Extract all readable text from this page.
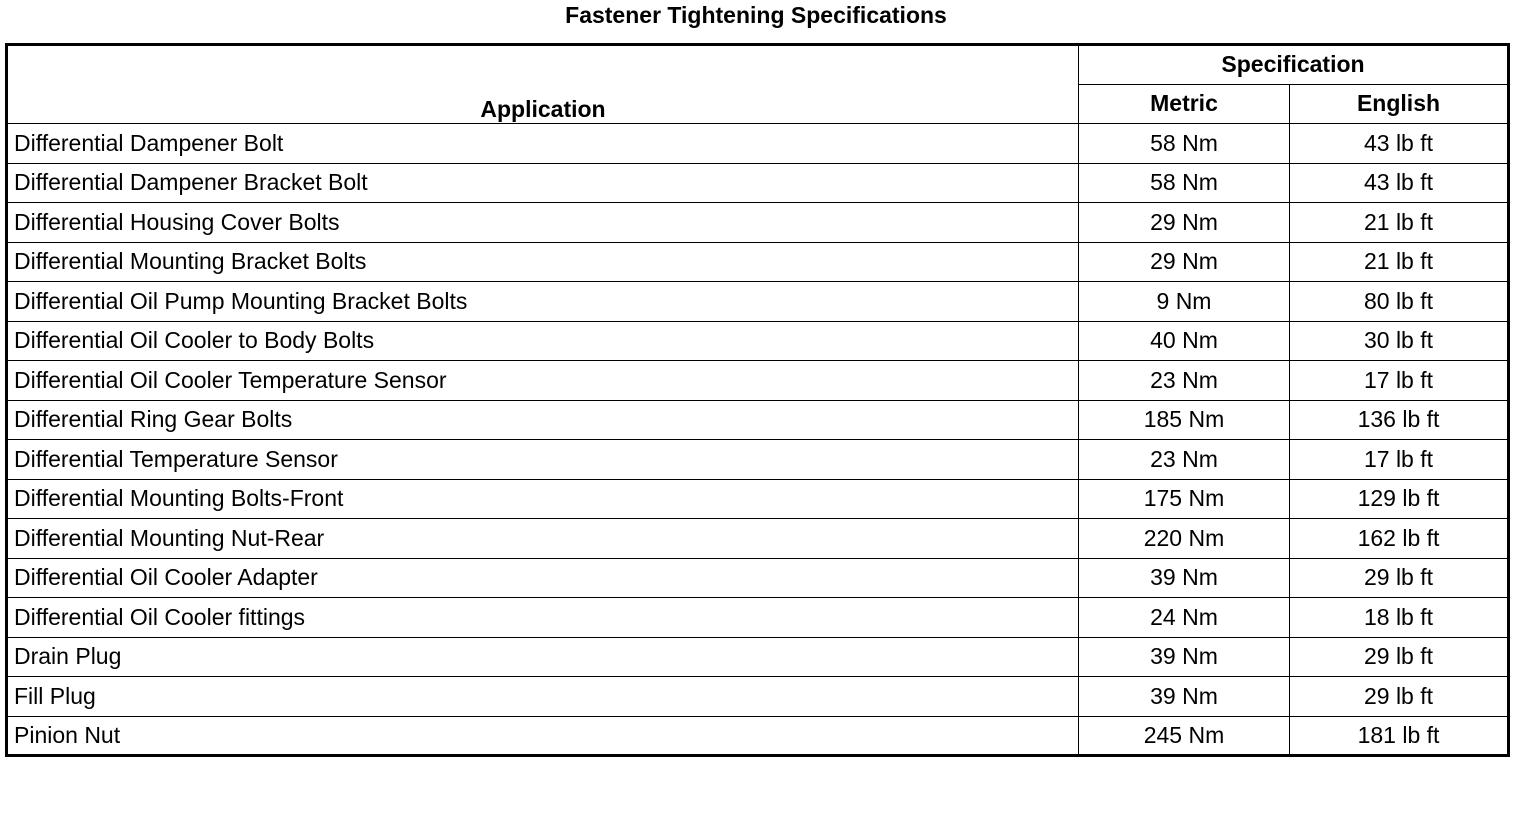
Fastener Tightening Specifications
Application	Specification	
	Metric	English
Differential Dampener Bolt	58 Nm	43 lb ft
Differential Dampener Bracket Bolt	58 Nm	43 lb ft
Differential Housing Cover Bolts	29 Nm	21 lb ft
Differential Mounting Bracket Bolts	29 Nm	21 lb ft
Differential Oil Pump Mounting Bracket Bolts	9 Nm	80 lb ft
Differential Oil Cooler to Body Bolts	40 Nm	30 lb ft
Differential Oil Cooler Temperature Sensor	23 Nm	17 lb ft
Differential Ring Gear Bolts	185 Nm	136 lb ft
Differential Temperature Sensor	23 Nm	17 lb ft
Differential Mounting Bolts-Front	175 Nm	129 lb ft
Differential Mounting Nut-Rear	220 Nm	162 lb ft
Differential Oil Cooler Adapter	39 Nm	29 lb ft
Differential Oil Cooler fittings	24 Nm	18 lb ft
Drain Plug	39 Nm	29 lb ft
Fill Plug	39 Nm	29 lb ft
Pinion Nut	245 Nm	181 lb ft
